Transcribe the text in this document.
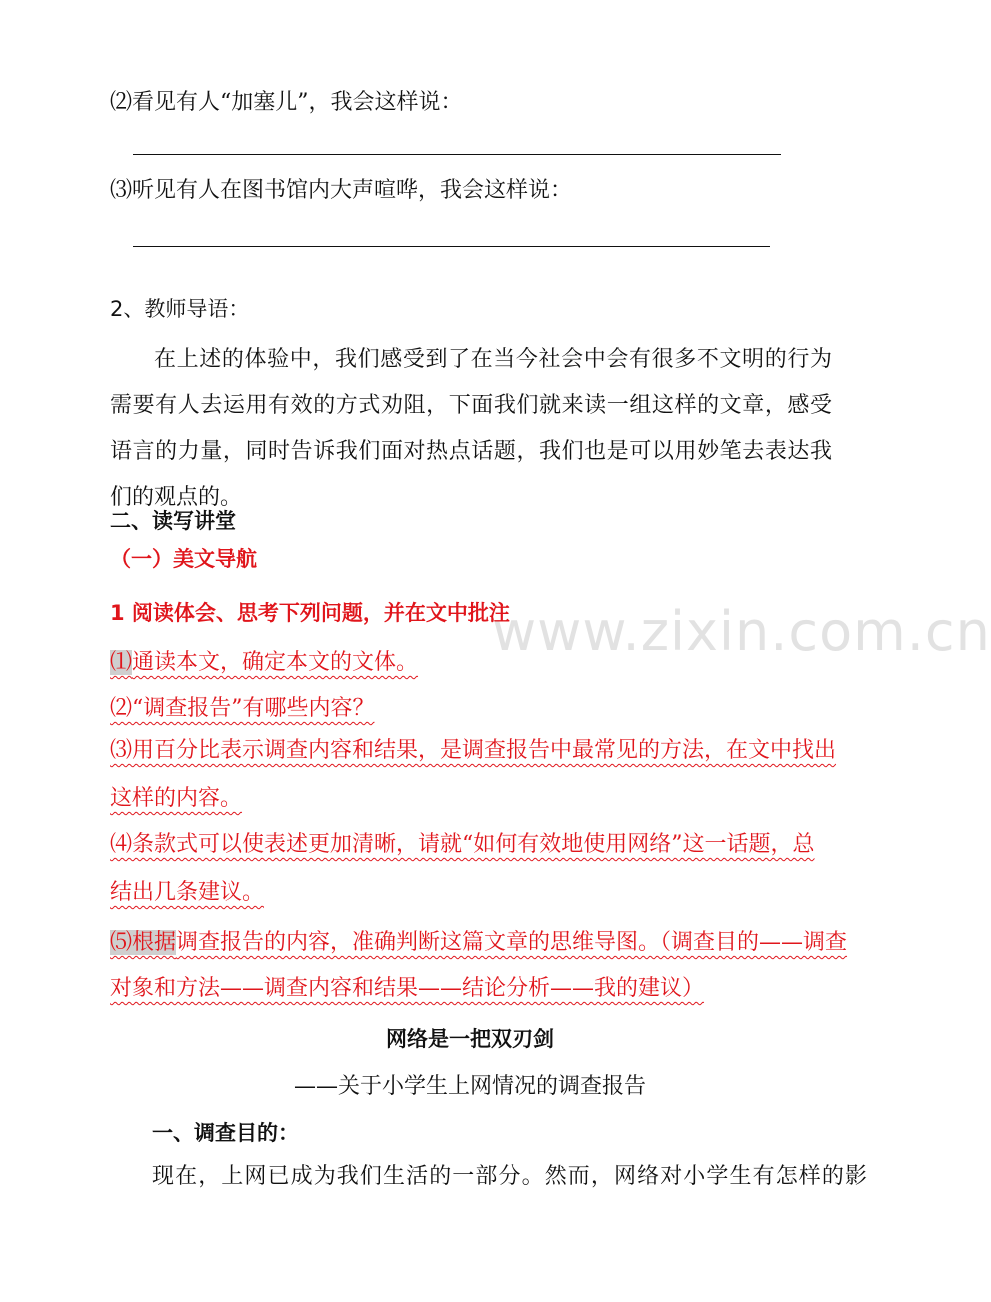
www.zixin.com.cn
⑵看见有人“加塞儿”，我会这样说：
⑶听见有人在图书馆内大声喧哗，我会这样说：
2、教师导语：
在上述的体验中，我们感受到了在当今社会中会有很多不文明的行为需要有人去运用有效的方式劝阻，下面我们就来读一组这样的文章，感受语言的力量，同时告诉我们面对热点话题，我们也是可以用妙笔去表达我们的观点的。
二、读写讲堂
（一）美文导航
1 阅读体会、思考下列问题，并在文中批注
⑴通读本文，确定本文的文体。
⑵“调查报告”有哪些内容？
⑶用百分比表示调查内容和结果，是调查报告中最常见的方法，在文中找出
这样的内容。
⑷条款式可以使表述更加清晰，请就“如何有效地使用网络”这一话题，总
结出几条建议。
⑸根据调查报告的内容，准确判断这篇文章的思维导图。（调查目的——调查
对象和方法——调查内容和结果——结论分析——我的建议）
网络是一把双刃剑
——关于小学生上网情况的调查报告
一、调查目的：
现在，上网已成为我们生活的一部分。然而，网络对小学生有怎样的影
